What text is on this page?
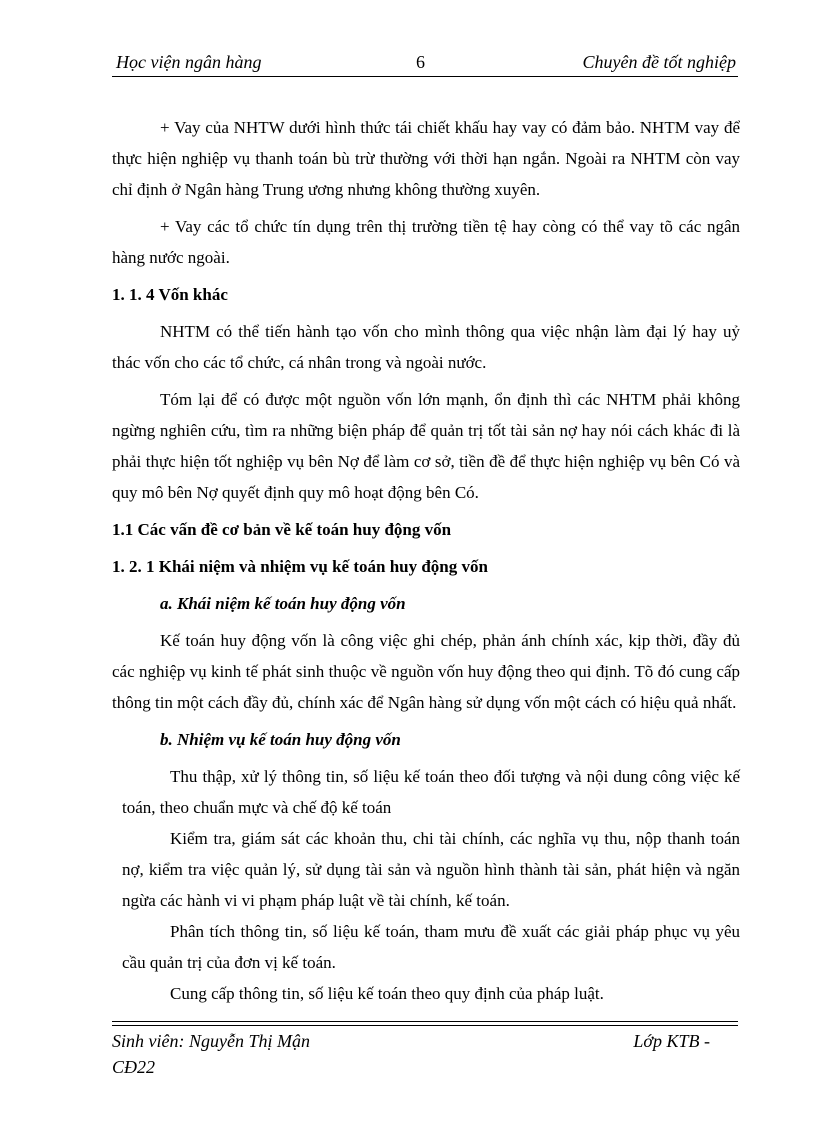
Học viện ngân hàng	6	Chuyên đề tốt nghiệp

+ Vay của NHTW dưới hình thức tái chiết khấu hay vay có đảm bảo. NHTM vay để thực hiện nghiệp vụ thanh toán bù trừ thường với thời hạn ngắn. Ngoài ra NHTM còn vay chỉ định ở Ngân hàng Trung ương nhưng không thường xuyên.

+ Vay các tổ chức tín dụng trên thị trường tiền tệ hay còng có thể vay tõ các ngân hàng nước ngoài.

1. 1. 4 Vốn khác

NHTM có thể tiến hành tạo vốn cho mình thông qua việc nhận làm đại lý hay uỷ thác vốn cho các tổ chức, cá nhân trong và ngoài nước.

Tóm lại để có được một nguồn vốn lớn mạnh, ổn định thì các NHTM phải không ngừng nghiên cứu, tìm ra những biện pháp để quản trị tốt tài sản nợ hay nói cách khác đi là phải thực hiện tốt nghiệp vụ bên Nợ để làm cơ sở, tiền đề để thực hiện nghiệp vụ bên Có và quy mô bên Nợ quyết định quy mô hoạt động bên Có.

1.1 Các vấn đề cơ bản về kế toán huy động vốn

1. 2. 1 Khái niệm và nhiệm vụ kế toán huy động vốn

a. Khái niệm kế toán huy động vốn

Kế toán huy động vốn là công việc ghi chép, phản ánh chính xác, kịp thời, đầy đủ các nghiệp vụ kinh tế phát sinh thuộc về nguồn vốn huy động theo qui định. Tõ đó cung cấp thông tin một cách đầy đủ, chính xác để Ngân hàng sử dụng vốn một cách có hiệu quả nhất.

b. Nhiệm vụ kế toán huy động vốn

Thu thập, xử lý thông tin, số liệu kế toán theo đối tượng và nội dung công việc kế toán, theo chuẩn mực và chế độ kế toán

Kiểm tra, giám sát các khoản thu, chi tài chính, các nghĩa vụ thu, nộp thanh toán nợ, kiểm tra việc quản lý, sử dụng tài sản và nguồn hình thành tài sản, phát hiện và ngăn ngừa các hành vi vi phạm pháp luật về tài chính, kế toán.

Phân tích thông tin, số liệu kế toán, tham mưu đề xuất các giải pháp phục vụ yêu cầu quản trị của đơn vị kế toán.

Cung cấp thông tin, số liệu kế toán theo quy định của pháp luật.

Sinh viên: Nguyễn Thị Mận	Lớp KTB -
CĐ22
